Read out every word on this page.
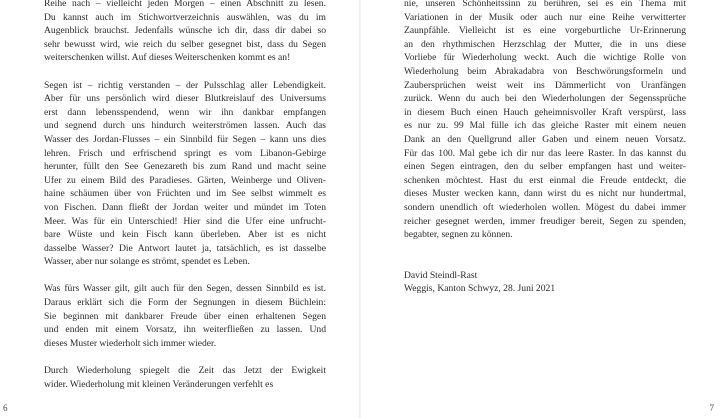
Reihe nach – vielleicht jeden Morgen – einen Abschnitt zu lesen.
Du kannst auch im Stichwortverzeichnis auswählen, was du im
Augenblick brauchst. Jedenfalls wünsche ich dir, dass dir dabei so
sehr bewusst wird, wie reich du selber gesegnet bist, dass du Segen
weiterschenken willst. Auf dieses Weiterschenken kommt es an!

Segen ist – richtig verstanden – der Pulsschlag aller Lebendigkeit.
Aber für uns persönlich wird dieser Blutkreislauf des Universums
erst dann lebensspendend, wenn wir ihn dankbar empfangen
und segnend durch uns hindurch weiterströmen lassen. Auch das
Wasser des Jordan-Flusses – ein Sinnbild für Segen – kann uns dies
lehren. Frisch und erfrischend springt es vom Libanon-Gebirge
herunter, füllt den See Genezareth bis zum Rand und macht seine
Ufer zu einem Bild des Paradieses. Gärten, Weinberge und Oliven-
haine schäumen über von Früchten und im See selbst wimmelt es
von Fischen. Dann fließt der Jordan weiter und mündet im Toten
Meer. Was für ein Unterschied! Hier sind die Ufer eine unfrucht-
bare Wüste und kein Fisch kann überleben. Aber ist es nicht
dasselbe Wasser? Die Antwort lautet ja, tatsächlich, es ist dasselbe
Wasser, aber nur solange es strömt, spendet es Leben.

Was fürs Wasser gilt, gilt auch für den Segen, dessen Sinnbild es ist.
Daraus erklärt sich die Form der Segnungen in diesem Büchlein:
Sie beginnen mit dankbarer Freude über einen erhaltenen Segen
und enden mit einem Vorsatz, ihn weiterfließen zu lassen. Und
dieses Muster wiederholt sich immer wieder.

Durch Wiederholung spiegelt die Zeit das Jetzt der Ewigkeit
wider. Wiederholung mit kleinen Veränderungen verfehlt es

6

nie, unseren Schönheitssinn zu berühren, sei es ein Thema mit
Variationen in der Musik oder auch nur eine Reihe verwitterter
Zaunpfähle. Vielleicht ist es eine vorgeburtliche Ur-Erinnerung
an den rhythmischen Herzschlag der Mutter, die in uns diese
Vorliebe für Wiederholung weckt. Auch die wichtige Rolle von
Wiederholung beim Abrakadabra von Beschwörungsformeln und
Zaubersprüchen weist weit ins Dämmerlicht von Uranfängen
zurück. Wenn du auch bei den Wiederholungen der Segenssprüche
in diesem Buch einen Hauch geheimnisvoller Kraft verspürst, lass
es nur zu. 99 Mal fülle ich das gleiche Raster mit einem neuen
Dank an den Quellgrund aller Gaben und einem neuen Vorsatz.
Für das 100. Mal gebe ich dir nur das leere Raster. In das kannst du
einen Segen eintragen, den du selber empfangen hast und weiter-
schenken möchtest. Hast du erst einmal die Freude entdeckt, die
dieses Muster wecken kann, dann wirst du es nicht nur hundertmal,
sondern unendlich oft wiederholen wollen. Mögest du dabei immer
reicher gesegnet werden, immer freudiger bereit, Segen zu spenden,
begabter, segnen zu können.

David Steindl-Rast
Weggis, Kanton Schwyz, 28. Juni 2021
7
